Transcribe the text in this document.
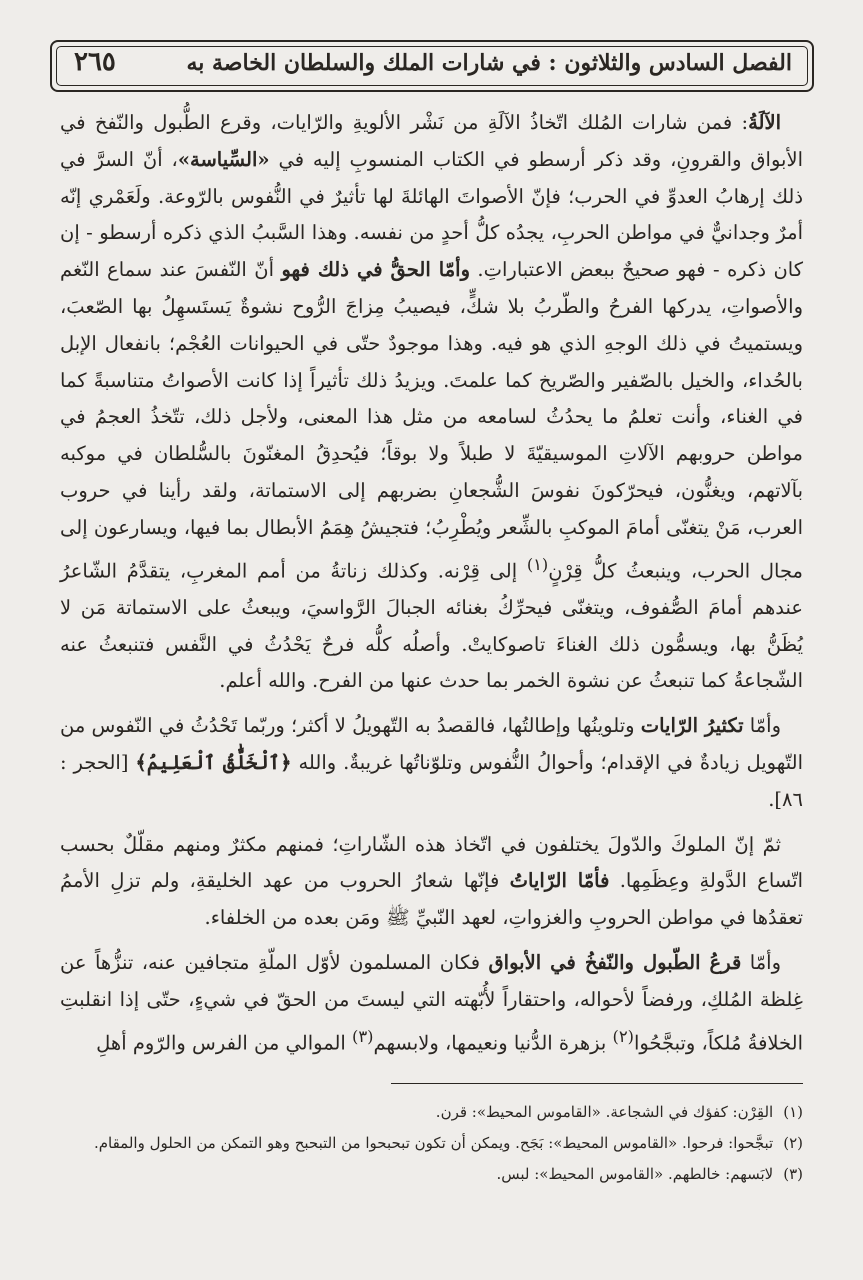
الفصل السادس والثلاثون : في شارات الملك والسلطان الخاصة به
٢٦٥

الآلَةُ: فمن شارات المُلك اتّخاذُ الآلَةِ من نَشْر الألويةِ والرّايات، وقرع الطُّبول والنّفخ في الأبواق والقرونِ، وقد ذكر أرسطو في الكتاب المنسوبِ إليه في «السِّياسة»، أنّ السرَّ في ذلك إرهابُ العدوِّ في الحرب؛ فإنّ الأصواتَ الهائلةَ لها تأثيرٌ في النُّفوس بالرّوعة. ولَعَمْري إنّه أمرٌ وجدانيٌّ في مواطن الحربِ، يجدُه كلُّ أحدٍ من نفسه. وهذا السَّببُ الذي ذكره أرسطو - إن كان ذكره - فهو صحيحٌ ببعض الاعتباراتِ. وأمّا الحقُّ في ذلك فهو أنّ النّفسَ عند سماع النّغم والأصواتِ، يدركها الفرحُ والطّربُ بلا شكٍّ، فيصيبُ مِزاجَ الرُّوح نشوةٌ يَستَسهِلُ بها الصّعبَ، ويستميتُ في ذلك الوجهِ الذي هو فيه. وهذا موجودٌ حتّى في الحيوانات العُجْم؛ بانفعال الإبل بالحُداء، والخيل بالصّفير والصّريخ كما علمتَ. ويزيدُ ذلك تأثيراً إذا كانت الأصواتُ متناسبةً كما في الغناء، وأنت تعلمُ ما يحدُثُ لسامعه من مثل هذا المعنى، ولأجل ذلك، تتّخذُ العجمُ في مواطن حروبهم الآلاتِ الموسيقيّةَ لا طبلاً ولا بوقاً؛ فيُحدِقُ المغنّونَ بالسُّلطان في موكبه بآلاتهم، ويغنُّون، فيحرّكونَ نفوسَ الشُّجعانِ بضربهم إلى الاستماتة، ولقد رأينا في حروب العرب، مَنْ يتغنّى أمامَ الموكبِ بالشِّعر ويُطْرِبُ؛ فتجيشُ هِمَمُ الأبطال بما فيها، ويسارعون إلى مجال الحرب، وينبعثُ كلُّ قِرْنٍ$^{(١)}$ إلى قِرْنه. وكذلك زناتةُ من أمم المغربِ، يتقدَّمُ الشّاعرُ عندهم أمامَ الصُّفوف، ويتغنّى فيحرِّكُ بغنائه الجبالَ الرَّواسيَ، ويبعثُ على الاستماتة مَن لا يُظَنُّ بها، ويسمُّون ذلك الغناءَ تاصوكايتْ. وأصلُه كلُّه فرحٌ يَحْدُثُ في النَّفس فتنبعثُ عنه الشّجاعةُ كما تنبعثُ عن نشوة الخمر بما حدث عنها من الفرح. والله أعلم.

وأمّا تكثيرُ الرّايات وتلوينُها وإطالتُها، فالقصدُ به التّهويلُ لا أكثر؛ وربّما تَحْدُثُ في النّفوس من التّهويل زيادةٌ في الإقدام؛ وأحوالُ النُّفوس وتلوّناتُها غريبةٌ. والله ﴿ٱلْخَلَّٰقُ ٱلْعَلِيمُ﴾ [الحجر : ٨٦].

ثمّ إنّ الملوكَ والدّولَ يختلفون في اتّخاذ هذه الشّاراتِ؛ فمنهم مكثرٌ ومنهم مقلّلٌ بحسب اتّساع الدَّولةِ وعِظَمِها. فأمّا الرّاياتُ فإنّها شعارُ الحروب من عهد الخليقةِ، ولم تزلِ الأممُ تعقدُها في مواطن الحروبِ والغزواتِ، لعهد النّبيِّ ﷺ ومَن بعده من الخلفاء.

وأمّا قرعُ الطّبول والنّفخُ في الأبواق فكان المسلمون لأوّل الملّةِ متجافين عنه، تنزُّهاً عن غِلظة المُلكِ، ورفضاً لأحواله، واحتقاراً لأُبّهته التي ليستَ من الحقّ في شيءٍ، حتّى إذا انقلبتِ الخلافةُ مُلكاً، وتبجَّحُوا$^{(٢)}$ بزهرة الدُّنيا ونعيمها، ولابسهم$^{(٣)}$ الموالي من الفرس والرّوم أهلِ

(١)
القِرْن: كفؤك في الشجاعة. «القاموس المحيط»: قرن.
(٢)
تبجَّحوا: فرحوا. «القاموس المحيط»: بَجَح. ويمكن أن تكون تبحبحوا من التبحبح وهو التمكن من الحلول والمقام.
(٣)
لابَسهم: خالطهم. «القاموس المحيط»: لبس.
